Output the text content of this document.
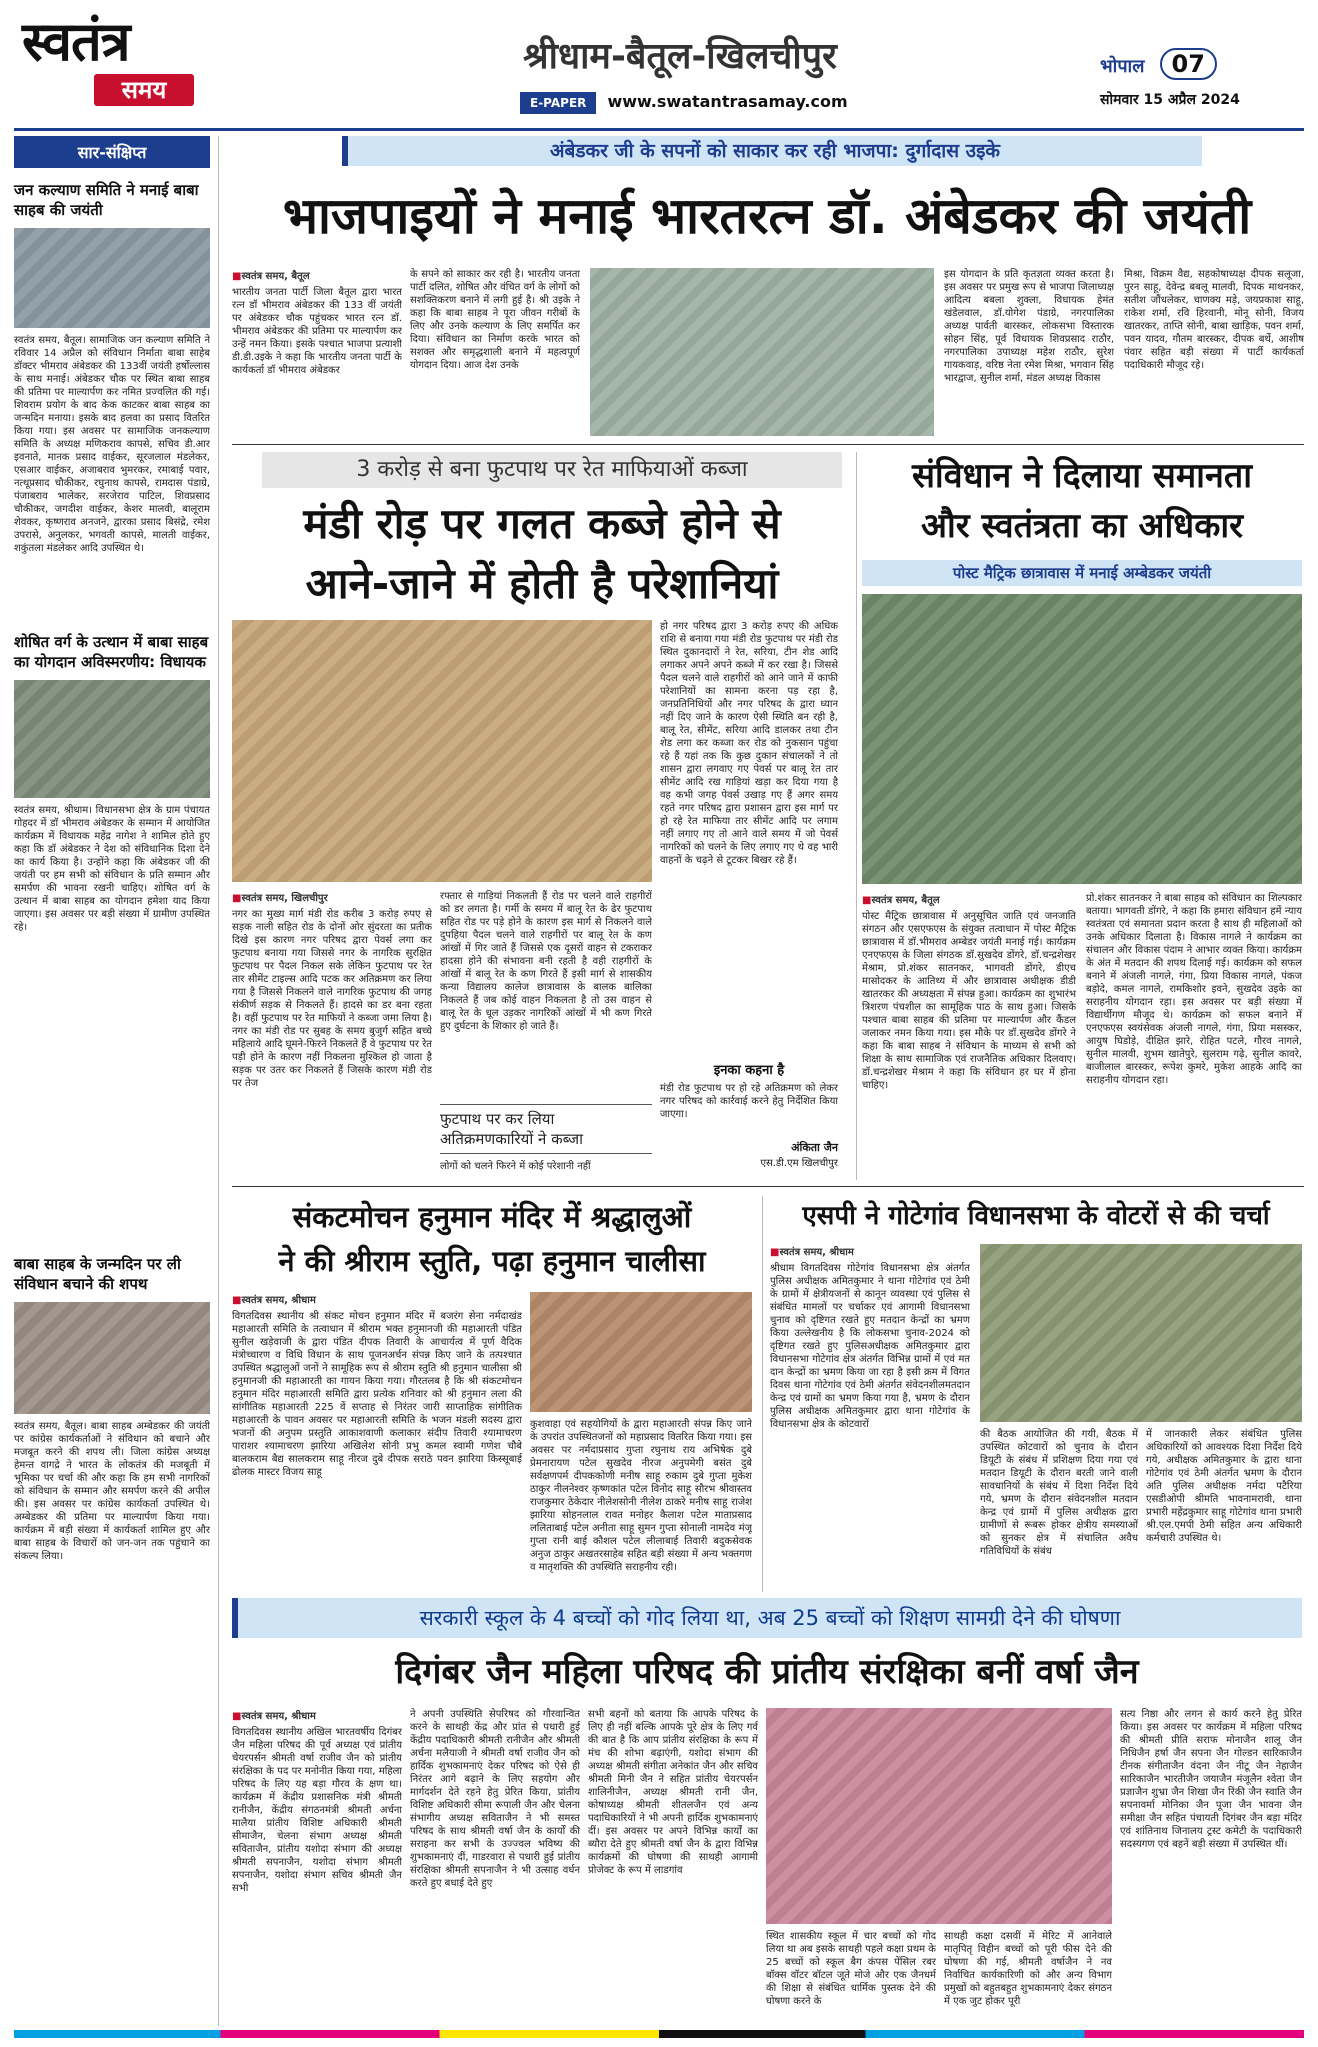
स्वतंत्र
समय
श्रीधाम-बैतूल-खिलचीपुर
E-PAPER www.swatantrasamay.com
भोपाल 07
सोमवार 15 अप्रैल 2024
सार-संक्षिप्त
जन कल्याण समिति ने मनाई बाबा साहब की जयंती
स्वतंत्र समय, बैतूल। सामाजिक जन कल्याण समिति ने रविवार 14 अप्रैल को संविधान निर्माता बाबा साहेब डॉक्टर भीमराव अंबेडकर की 133वीं जयंती हर्षोल्लास के साथ मनाई। अंबेडकर चौक पर स्थित बाबा साहब की प्रतिमा पर माल्यार्पण कर नमित प्रज्वलित की गई। शिवराम प्रयोग के बाद केक काटकर बाबा साहब का जन्मदिन मनाया। इसके बाद हलवा का प्रसाद वितरित किया गया। इस अवसर पर सामाजिक जनकल्याण समिति के अध्यक्ष मणिकराव कापसे, सचिव डी.आर इवनाते, मानक प्रसाद वाईकर, सूरजलाल मंडलेकर, एसआर वाईकर, अजाबराव भुमरकर, रमाबाई पवार, नत्थूप्रसाद चौकीकर, रघुनाथ कापसे, रामदास पंडाग्रे, पंजाबराव भालेकर, सरजेराव पाटिल, शिवप्रसाद चौकीकर, जगदीश वाईकर, केशर मालवी, बालूराम शेवकर, कृष्णराव अनजने, द्वारका प्रसाद बिसंद्रे, रमेश उपरासे, अनुलकर, भगवती कापसे, मालती वाईकर, शकुंतला मंडलेकर आदि उपस्थित थे।
शोषित वर्ग के उत्थान में बाबा साहब का योगदान अविस्मरणीय: विधायक
स्वतंत्र समय, श्रीधाम। विधानसभा क्षेत्र के ग्राम पंचायत गोहदर में डॉ भीमराव अंबेडकर के सम्मान में आयोजित कार्यक्रम में विधायक महेंद्र नागेश ने शामिल होते हुए कहा कि डॉ अंबेडकर ने देश को संविधानिक दिशा देने का कार्य किया है। उन्होंने कहा कि अंबेडकर जी की जयंती पर हम सभी को संविधान के प्रति सम्मान और समर्पण की भावना रखनी चाहिए। शोषित वर्ग के उत्थान में बाबा साहब का योगदान हमेशा याद किया जाएगा। इस अवसर पर बड़ी संख्या में ग्रामीण उपस्थित रहे।
बाबा साहब के जन्मदिन पर ली संविधान बचाने की शपथ
स्वतंत्र समय, बैतूल। बाबा साहब अम्बेडकर की जयंती पर कांग्रेस कार्यकर्ताओं ने संविधान को बचाने और मजबूत करने की शपथ ली। जिला कांग्रेस अध्यक्ष हेमन्त वागद्रे ने भारत के लोकतंत्र की मजबूती में भूमिका पर चर्चा की और कहा कि हम सभी नागरिकों को संविधान के सम्मान और समर्पण करने की अपील की। इस अवसर पर कांग्रेस कार्यकर्ता उपस्थित थे। अम्बेडकर की प्रतिमा पर माल्यार्पण किया गया। कार्यक्रम में बड़ी संख्या में कार्यकर्ता शामिल हुए और बाबा साहब के विचारों को जन-जन तक पहुंचाने का संकल्प लिया।
अंबेडकर जी के सपनों को साकार कर रही भाजपा: दुर्गादास उइके
भाजपाइयों ने मनाई भारतरत्न डॉ. अंबेडकर की जयंती
■ स्वतंत्र समय, बैतूल
भारतीय जनता पार्टी जिला बैतूल द्वारा भारत रत्न डॉ भीमराव अंबेडकर की 133 वीं जयंती पर अंबेडकर चौक पहुंचकर भारत रत्न डॉ. भीमराव अंबेडकर की प्रतिमा पर माल्यार्पण कर उन्हें नमन किया। इसके पश्चात भाजपा प्रत्याशी डी.डी.उइके ने कहा कि भारतीय जनता पार्टी के कार्यकर्ता डॉ भीमराव अंबेडकर
के सपने को साकार कर रही है। भारतीय जनता पार्टी दलित, शोषित और वंचित वर्ग के लोगों को सशक्तिकरण बनाने में लगी हुई है। श्री उइके ने कहा कि बाबा साहब ने पूरा जीवन गरीबों के लिए और उनके कल्याण के लिए समर्पित कर दिया। संविधान का निर्माण करके भारत को सशक्त और समृद्धशाली बनाने में महत्वपूर्ण योगदान दिया। आज देश उनके
इस योगदान के प्रति कृतज्ञता व्यक्त करता है। इस अवसर पर प्रमुख रूप से भाजपा जिलाध्यक्ष आदित्य बबला शुक्ला, विधायक हेमंत खंडेलवाल, डॉ.योगेश पंडाग्रे, नगरपालिका अध्यक्ष पार्वती बारस्कर, लोकसभा विस्तारक सोहन सिंह, पूर्व विधायक शिवप्रसाद राठौर, नगरपालिका उपाध्यक्ष महेश राठौर, सुरेश गायकवाड़, वरिष्ठ नेता रमेश मिश्रा, भगवान सिंह भारद्वाज, सुनील शर्मा, मंडल अध्यक्ष विकास
मिश्रा, विक्रम वैद्य, सहकोषाध्यक्ष दीपक सलूजा, पुरन साहू, देवेन्द्र बबलू मालवी, दिपक माथनकर, सतीश जौंधलेकर, चाणक्य मड़े, जयप्रकाश साहू, राकेश शर्मा, रवि हिरवानी, मोनू सोनी, विजय खातरकर, ताप्ति सोनी, बाबा खाड़िक, पवन शर्मा, पवन यादव, गौतम बारस्कर, दीपक बर्थे, आशीष पंवार सहित बड़ी संख्या में पार्टी कार्यकर्ता पदाधिकारी मौजूद रहे।
3 करोड़ से बना फुटपाथ पर रेत माफियाओं कब्जा
मंडी रोड़ पर गलत कब्जे होने से
आने-जाने में होती है परेशानियां
हो नगर परिषद द्वारा 3 करोड़ रुपए की अधिक राशि से बनाया गया मंडी रोड फुटपाथ पर मंडी रोड स्थित दुकानदारों ने रेत, सरिया, टीन शेड आदि लगाकर अपने अपने कब्जे में कर रखा है। जिससे पैदल चलने वाले राहगीरों को आने जाने में काफी परेशानियों का सामना करना पड़ रहा है, जनप्रतिनिधियों और नगर परिषद के द्वारा ध्यान नहीं दिए जाने के कारण ऐसी स्थिति बन रही है, बालू रेत, सीमेंट, सरिया आदि डालकर तथा टीन शेड लगा कर कब्जा कर रोड को नुकसान पहुंचा रहे हैं यहां तक कि कुछ दुकान संचालकों ने तो शासन द्वारा लगवाए गए पेवर्स पर बालू रेत तार सीमेंट आदि रख गाड़ियां खड़ा कर दिया गया है वह कभी जगह पेवर्स उखाड़ गए हैं अगर समय रहते नगर परिषद द्वारा प्रशासन द्वारा इस मार्ग पर हो रहे रेत माफिया तार सीमेंट आदि पर लगाम नहीं लगाए गए तो आने वाले समय में जो पेवर्स नागरिकों को चलने के लिए लगाए गए थे वह भारी वाहनों के चढ़ने से टूटकर बिखर रहे हैं।
■ स्वतंत्र समय, खिलचीपुर
नगर का मुख्य मार्ग मंडी रोड करीब 3 करोड़ रुपए से सड़क नाली सहित रोड के दोनों ओर सुंदरता का प्रतीक दिखे इस कारण नगर परिषद द्वारा पेवर्स लगा कर फुटपाथ बनाया गया जिससे नगर के नागरिक सुरक्षित फुटपाथ पर पैदल निकल सके लेकिन फुटपाथ पर रेत तार सीमेंट टाइल्स आदि पटक कर अतिक्रमण कर लिया गया है जिससे निकलने वाले नागरिक फुटपाथ की जगह संकीर्ण सड़क से निकलते हैं। हादसे का डर बना रहता है। वहीं फुटपाथ पर रेत माफियों ने कब्जा जमा लिया है। नगर का मंडी रोड पर सुबह के समय बुजुर्ग सहित बच्चे महिलाये आदि घूमने-फिरने निकलते हैं वे फुटपाथ पर रेत पड़ी होने के कारण नहीं निकलना मुश्किल हो जाता है सड़क पर उतर कर निकलते हैं जिसके कारण मंडी रोड पर तेज
रफ्तार से गाड़ियां निकलती हैं रोड पर चलने वाले राहगीरों को डर लगता है। गर्मी के समय में बालू रेत के ढेर फुटपाथ सहित रोड पर पड़े होने के कारण इस मार्ग से निकलने वाले दुपहिया पैदल चलने वाले राहगीरों पर बालू रेत के कण आंखों में गिर जाते हैं जिससे एक दूसरों वाहन से टकराकर हादसा होने की संभावना बनी रहती है वही राहगीरों के आंखों में बालू रेत के कण गिरते हैं इसी मार्ग से शासकीय कन्या विद्यालय कालेज छात्रावास के बालक बालिका निकलते हैं जब कोई वाहन निकलता है तो उस वाहन से बालू रेत के धूल उड़कर नागरिकों आंखों में भी कण गिरते हुए दुर्घटना के शिकार हो जाते हैं।
फुटपाथ पर कर लिया अतिक्रमणकारियों ने कब्जा
लोगों को चलने फिरने में कोई परेशानी नहीं
इनका कहना है
मंडी रोड फुटपाथ पर हो रहे अतिक्रमण को लेकर नगर परिषद को कार्रवाई करने हेतु निर्देशित किया जाएगा।
अंकिता जैन
एस.डी.एम खिलचीपुर
संविधान ने दिलाया समानता
और स्वतंत्रता का अधिकार
पोस्ट मैट्रिक छात्रावास में मनाई अम्बेडकर जयंती
■ स्वतंत्र समय, बैतूल
पोस्ट मैट्रिक छात्रावास में अनुसूचित जाति एवं जनजाति संगठन और एसएफएस के संयुक्त तत्वाधान में पोस्ट मैट्रिक छात्रावास में डॉ.भीमराव अम्बेडर जयंती मनाई गई। कार्यक्रम एनएफएस के जिला संगठक डॉ.सुखदेव डोंगरे, डॉ.चन्द्रशेखर मेश्राम, प्रो.शंकर सातनकर, भागवती डोंगरे, डीएच मासोदकर के आतिथ्य में और छात्रावास अधीक्षक डीडी खातरकर की अध्यक्षता में संपन्न हुआ। कार्यक्रम का शुभारंभ त्रिशरण पंचशील का सामूहिक पाठ के साथ हुआ। जिसके पश्चात बाबा साहब की प्रतिमा पर माल्यार्पण और कैंडल जलाकर नमन किया गया। इस मौके पर डॉ.सुखदेव डोंगरे ने कहा कि बाबा साहब ने संविधान के माध्यम से सभी को शिक्षा के साथ सामाजिक एवं राजनैतिक अधिकार दिलवाए। डॉ.चन्द्रशेखर मेश्राम ने कहा कि संविधान हर घर में होना चाहिए।
प्रो.शंकर सातनकर ने बाबा साहब को संविधान का शिल्पकार बताया। भागवती डोंगरे, ने कहा कि हमारा संविधान हमें न्याय स्वतंत्रता एवं समानता प्रदान करता है साथ ही महिलाओं को उनके अधिकार दिलाता है। विकास नागले ने कार्यक्रम का संचालन और विकास पंदाम ने आभार व्यक्त किया। कार्यक्रम के अंत में मतदान की शपथ दिलाई गई। कार्यक्रम को सफल बनाने में अंजली नागले, गंगा, प्रिया विकास नागले, पंकज बड़ोदे, कमल नागले, रामकिशोर इवने, सुखदेव उइके का सराहनीय योगदान रहा। इस अवसर पर बड़ी संख्या में विद्यार्थीगण मौजूद थे। कार्यक्रम को सफल बनाने में एनएफएस स्वयंसेवक अंजली नागले, गंगा, प्रिया मसस्कर, आयुष घिडोड़े, दीक्षित झारे, रोहित पटले, गौरव नागले, सुनील मालवी, शुभम खातेपुरे, सुलराम गढ़े, सुनील कावरे, बाजीलाल बारस्कर, रूपेश कुमरे, मुकेश आहके आदि का सराहनीय योगदान रहा।
संकटमोचन हनुमान मंदिर में श्रद्धालुओं
ने की श्रीराम स्तुति, पढ़ा हनुमान चालीसा
■ स्वतंत्र समय, श्रीधाम
विगतदिवस स्थानीय श्री संकट मोचन हनुमान मंदिर में बजरंग सेना नर्मदाखंड महाआरती समिति के तत्वाधान में श्रीराम भक्त हनुमानजी की महाआरती पंडित सुनील खड़ेवाजी के द्वारा पंडित दीपक तिवारी के आचार्यत्व में पूर्ण वैदिक मंत्रोच्चारण व विधि विधान के साथ पूजनअर्चन संपन्न किए जाने के तत्पश्चात उपस्थित श्रद्धालुओं जनों ने सामूहिक रूप से श्रीराम स्तुति श्री हनुमान चालीसा श्री हनुमानजी की महाआरती का गायन किया गया। गौरतलब है कि श्री संकटमोचन हनुमान मंदिर महाआरती समिति द्वारा प्रत्येक शनिवार को श्री हनुमान लला की सांगीतिक महाआरती 225 वें सप्ताह से निरंतर जारी साप्ताहिक सांगीतिक महाआरती के पावन अवसर पर महाआरती समिति के भजन मंडली सदस्य द्वारा भजनों की अनुपम प्रस्तुति आकाशवाणी कलाकार संदीप तिवारी श्यामाचरण पाराशर श्यामाचरण झारिया अखिलेश सोनी प्रभु कमल स्वामी गणेश चौबे बालकराम बैद्य सालकराम साहू नीरज दुबे दीपक सराठे पवन झारिया किस्सूबाई ढोलक मास्टर विजय साहू
कुशवाहा एवं सहयोगियों के द्वारा महाआरती संपन्न किए जाने के उपरांत उपस्थितजनों को महाप्रसाद वितरित किया गया। इस अवसर पर नर्मदाप्रसाद गुप्ता रघुनाथ राय अभिषेक दुबे प्रेमनारायण पटेल सुखदेव नीरज अनुपमेगी बसंत दुबे सर्वक्षणपर्म दीपककोणी मनीष साहू रुकाम दुबे गुप्ता मुकेश ठाकुर नीलनेश्वर कृष्णकांत पटेल विनोद साहू सौरभ श्रीवास्तव राजकुमार ठेकेदार नीलेशसोनी नीलेश ठाकरे मनीष साहू राजेश झारिया सोहनलाल रावत मनोहर कैलाश पटेल माताप्रसाद ललिताबाई पटेल अनीता साहू सुमन गुप्ता सोनाली नामदेव मंजू गुप्ता रानी बाई कौशल पटेल लीलाबाई तिवारी बदुकसेवक अनुज ठाकुर अखतरसाहेब सहित बड़ी संख्या में अन्य भक्तगण व मातृशक्ति की उपस्थिति सराहनीय रही।
एसपी ने गोटेगांव विधानसभा के वोटरों से की चर्चा
■ स्वतंत्र समय, श्रीधाम
श्रीधाम विगतदिवस गोटेगांव विधानसभा क्षेत्र अंतर्गत पुलिस अधीक्षक अमितकुमार ने थाना गोटेगांव एवं ठेमी के ग्रामों में क्षेत्रीयजनों से कानून व्यवस्था एवं पुलिस से संबंधित मामलों पर चर्चाकर एवं आगामी विधानसभा चुनाव को दृष्टिगत रखते हुए मतदान केन्द्रों का भ्रमण किया उल्लेखनीय है कि लोकसभा चुनाव-2024 को दृष्टिगत रखते हुए पुलिसअधीक्षक अमितकुमार द्वारा विधानसभा गोटेगांव क्षेत्र अंतर्गत विभिन्न ग्रामों में एवं मत दान केन्द्रों का भ्रमण किया जा रहा है इसी क्रम में विगत दिवस थाना गोटेगांव एवं ठेमी अंतर्गत संवेदनशीलमतदान केन्द्र एवं ग्रामों का भ्रमण किया गया है, भ्रमण के दौरान पुलिस अधीक्षक अमितकुमार द्वारा थाना गोटेगांव के विधानसभा क्षेत्र के कोटवारों
की बैठक आयोजित की गयी, बैठक में उपस्थित कोटवारों को चुनाव के दौरान डियूटी के संबंध में प्रशिक्षण दिया गया एवं मतदान डियूटी के दौरान बरती जाने वाली सावधानियों के संबंध में दिशा निर्देश दिये गये, भ्रमण के दौरान संवेदनशील मतदान केन्द्र एवं ग्रामों में पुलिस अधीक्षक द्वारा ग्रामीणों से रूबरू होकर क्षेत्रीय समस्याओं को सुनकर क्षेत्र में संचालित अवैध गतिविधियों के संबंध
में जानकारी लेकर संबंधित पुलिस अधिकारियों को आवश्यक दिशा निर्देश दिये गये, अधीक्षक अमितकुमार के द्वारा थाना गोटेगांव एवं ठेमी अंतर्गत भ्रमण के दौरान अति पुलिस अधीक्षक नर्मदा पटैरिया एसडीओपी श्रीमति भावनामरावी, थाना प्रभारी महेंद्रकुमार साहू गोटेगांव थाना प्रभारी श्री.एल.एमपी ठेमी सहित अन्य अधिकारी कर्मचारी उपस्थित थे।
सरकारी स्कूल के 4 बच्चों को गोद लिया था, अब 25 बच्चों को शिक्षण सामग्री देने की घोषणा
दिगंबर जैन महिला परिषद की प्रांतीय संरक्षिका बनीं वर्षा जैन
■ स्वतंत्र समय, श्रीधाम
विगतदिवस स्थानीय अखिल भारतवर्षीय दिगंबर जैन महिला परिषद की पूर्व अध्यक्ष एवं प्रांतीय चेयरपर्सन श्रीमती वर्षा राजीव जैन को प्रांतीय संरक्षिका के पद पर मनोनीत किया गया, महिला परिषद के लिए यह बड़ा गौरव के क्षण था। कार्यक्रम में केंद्रीय प्रशासनिक मंत्री श्रीमती रानीजैन, केंद्रीय संगठनमंत्री श्रीमती अर्चना मालैया प्रांतीय विशिष्ट अधिकारी श्रीमती सीमाजैन, चेलना संभाग अध्यक्ष श्रीमती सविताजैन, प्रांतीय यशोदा संभाग की अध्यक्ष श्रीमती सपनाजैन, यशोदा संभाग श्रीमती सपनाजैन, यशोदा संभाग सचिव श्रीमती जैन सभी
ने अपनी उपस्थिति सेपरिषद को गौरवान्वित करने के साथही केंद्र और प्रांत से पधारी हुई केंद्रीय पदाधिकारी श्रीमती रानीजैन और श्रीमती अर्चना मलैयाजी ने श्रीमती वर्षा राजीव जैन को हार्दिक शुभकामनाएं देकर परिषद को ऐसे ही निरंतर आगे बढ़ाने के लिए सहयोग और मार्गदर्शन देते रहने हेतु प्रेरित किया, प्रांतीय विशिष्ट अधिकारी सीमा रूपाली जैन और चेलना संभागीय अध्यक्ष सविताजैन ने भी समस्त परिषद के साथ श्रीमती वर्षा जैन के कार्यों की सराहना कर सभी के उज्ज्वल भविष्य की शुभकामनाएं दीं, गाडरवारा से पधारी हुई प्रांतीय संरक्षिका श्रीमती सपनाजैन ने भी उत्साह वर्धन करते हुए बधाई देते हुए
सभी बहनों को बताया कि आपके परिषद के लिए ही नहीं बल्कि आपके पूरे क्षेत्र के लिए गर्व की बात है कि आप प्रांतीय संरक्षिका के रूप में मंच की शोभा बढ़ाएंगी, यशोदा संभाग की अध्यक्ष श्रीमती संगीता अनेकांत जैन और सचिव श्रीमती मिनी जैन ने सहित प्रांतीय चेयरपर्सन शालिनीजैन, अध्यक्ष श्रीमती रानी जैन, कोषाध्यक्ष श्रीमती शीतलजैन एवं अन्य पदाधिकारियों ने भी अपनी हार्दिक शुभकामनाएं दीं। इस अवसर पर अपने विभिन्न कार्यों का ब्यौरा देते हुए श्रीमती वर्षा जैन के द्वारा विभिन्न कार्यक्रमों की घोषणा की साथही आगामी प्रोजेक्ट के रूप में लाडगांव
स्थित शासकीय स्कूल में चार बच्चों को गोद लिया था अब इसके साथही पहले कक्षा प्रथम के 25 बच्चों को स्कूल बैग कंपस पेंसिल रबर बॉक्स वॉटर बॉटल जूते मोजे और एक जैनधर्म की शिक्षा से संबंधित धार्मिक पुस्तक देने की घोषणा करने के
साथही कक्षा दसवीं में मेरिट में आनेवाले मातृपितृ विहीन बच्चों को पूरी फीस देने की घोषणा की गई, श्रीमती वर्षाजैन ने नव निर्वाचित कार्यकारिणी को और अन्य विभाग प्रमुखों को बहुतबहुत शुभकामनाएं देकर संगठन में एक जुट होकर पूरी
सत्य निष्ठा और लगन से कार्य करने हेतु प्रेरित किया। इस अवसर पर कार्यक्रम में महिला परिषद की श्रीमती प्रीति सराफ मोनाजैन शालू जैन निधिजैन हर्षा जैन सपना जैन गोल्डन सारिकाजैन टीनक संगीताजैन वंदना जैन नीटू जैन नेहाजैन सारिकाजैन भारतीजैन जयाजैन मंजूलैन श्वेता जैन प्रज्ञाजैन शुभ्रा जैन शिखा जैन रिंकी जैन स्वाति जैन सपनावर्मा मोनिका जैन पूजा जैन भावना जैन समीक्षा जैन सहित पंचायती दिगंबर जैन बड़ा मंदिर एवं शांतिनाथ जिनालय ट्रस्ट कमेटी के पदाधिकारी सदस्यगण एवं बहनें बड़ी संख्या में उपस्थित थीं।
